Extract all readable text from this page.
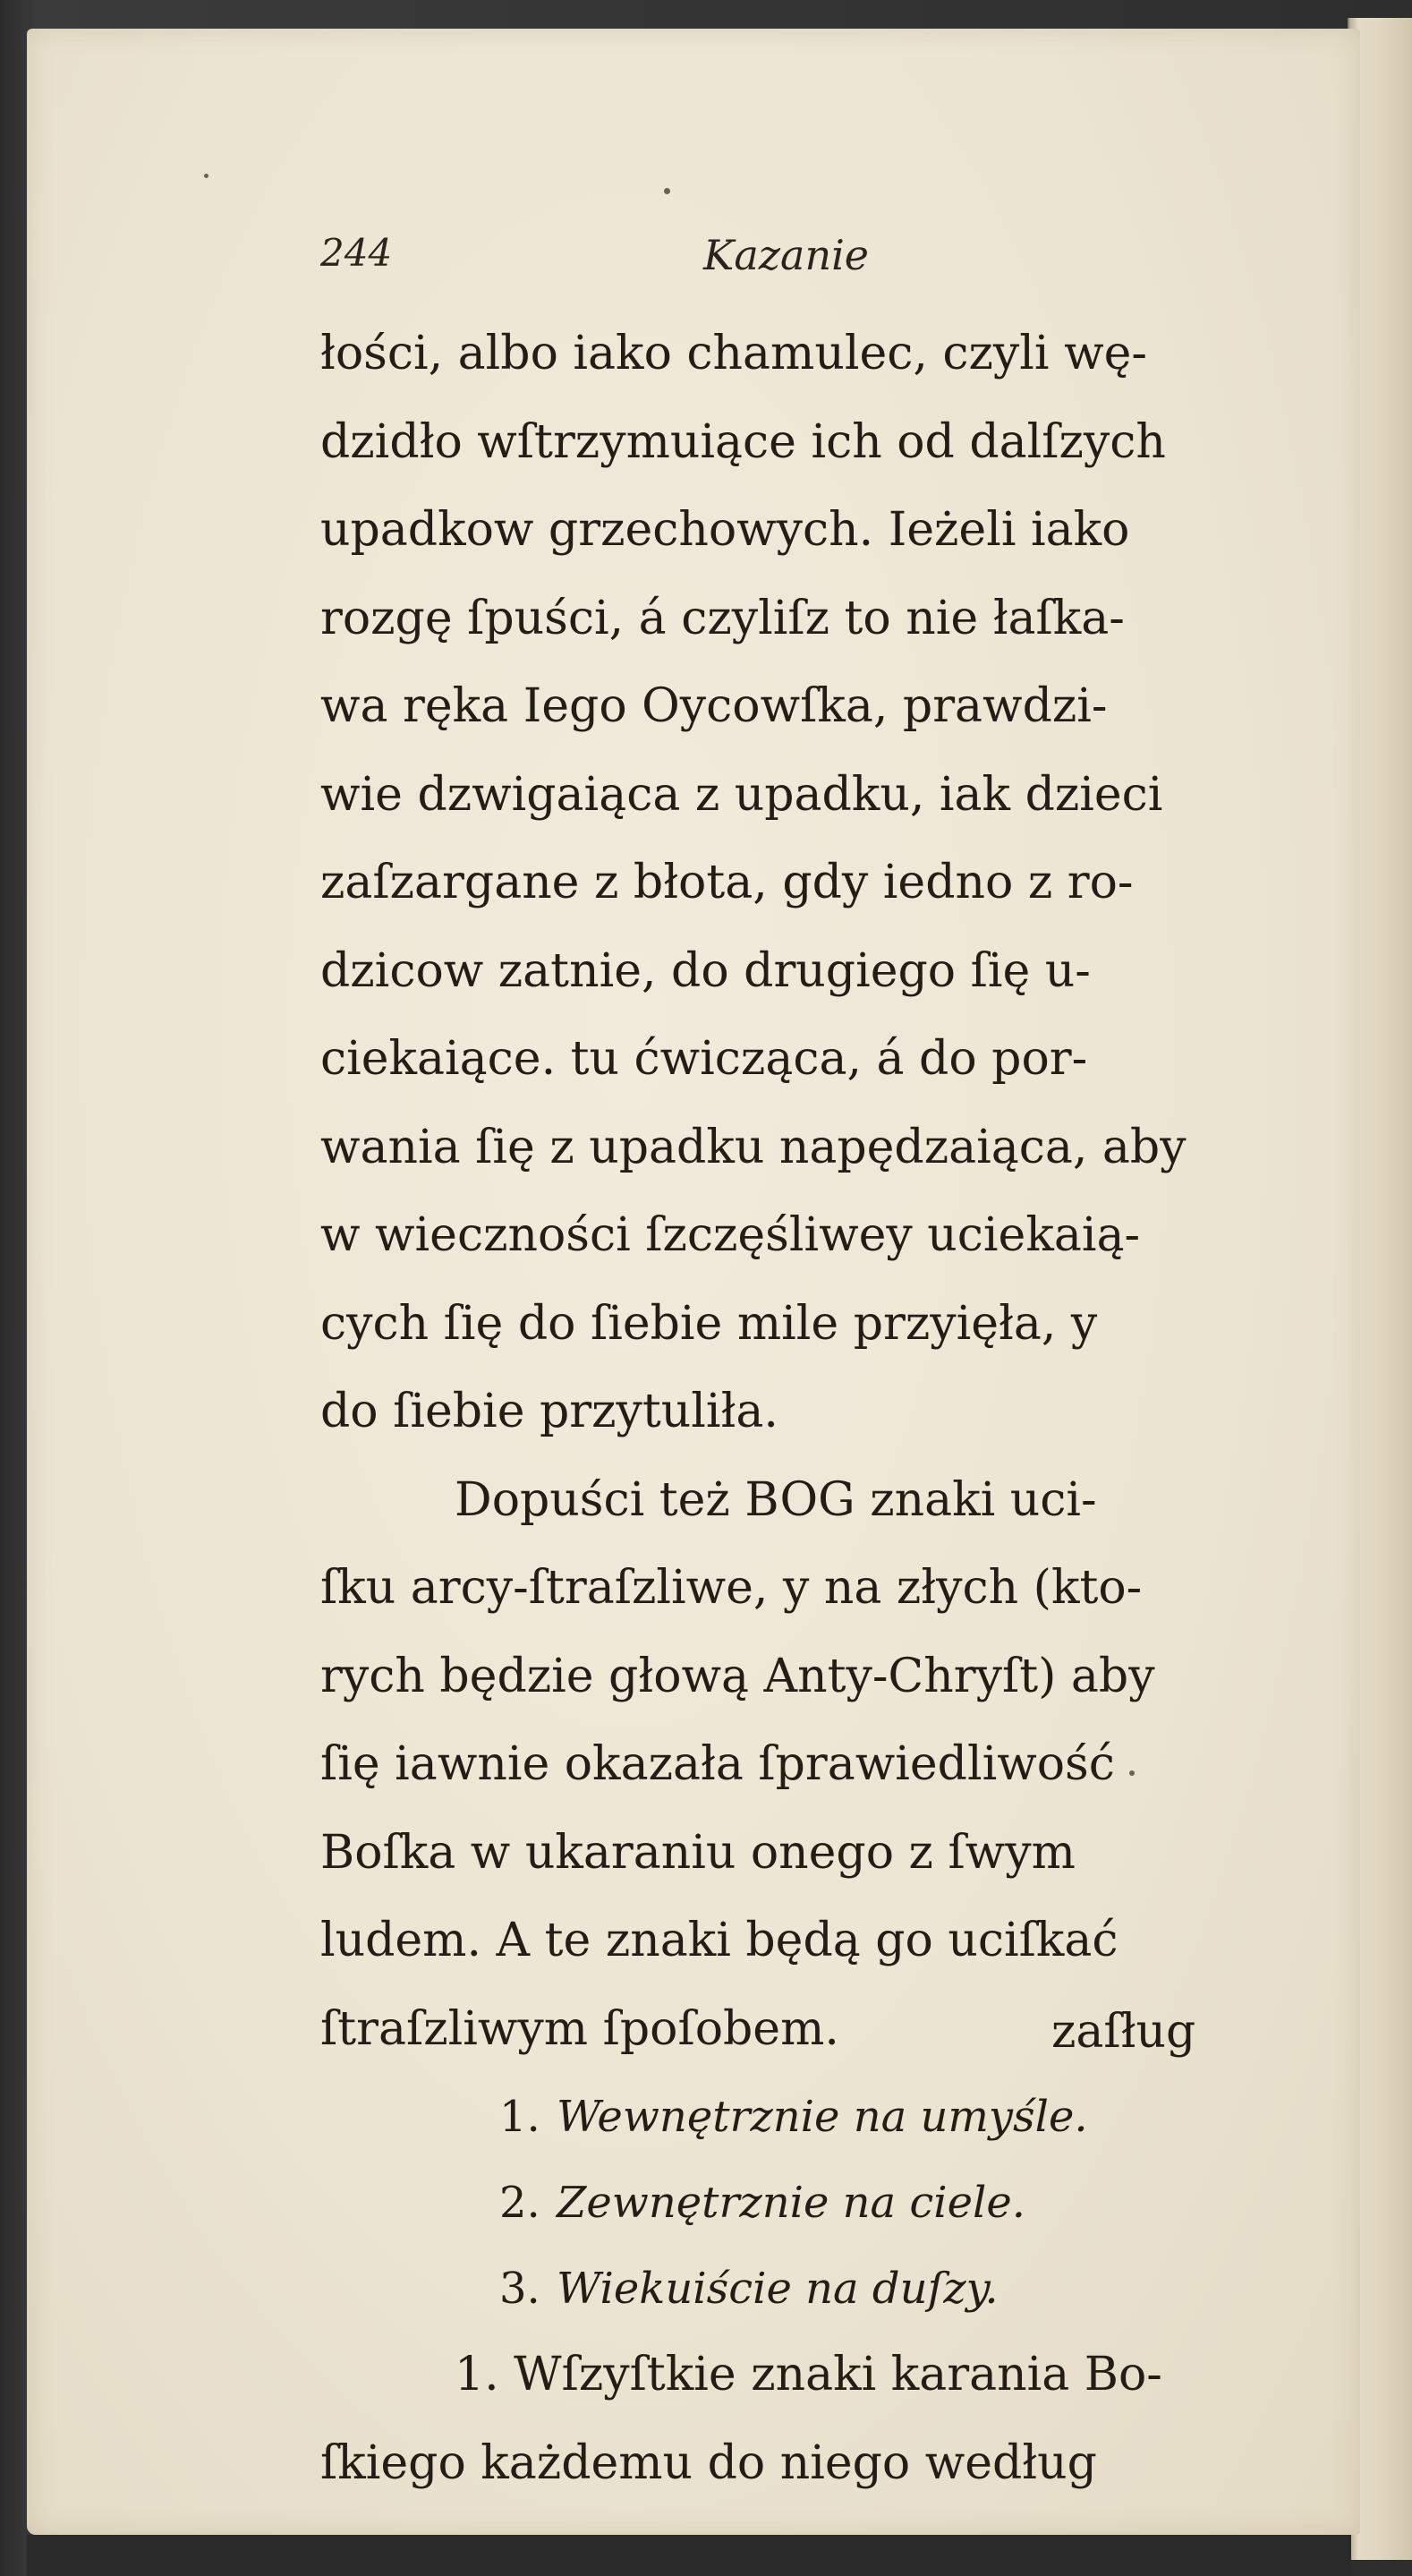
244	Kazanie
łości, albo iako chamulec, czyli wę-
dzidło wſtrzymuiące ich od dalſzych
upadkow grzechowych. Ieżeli iako
rozgę ſpuści, á czyliſz to nie łaſka-
wa ręka Iego Oycowſka, prawdzi-
wie dzwigaiąca z upadku, iak dzieci
zaſzargane z błota, gdy iedno z ro-
dzicow zatnie, do drugiego ſię u-
ciekaiące. tu ćwicząca, á do por-
wania ſię z upadku napędzaiąca, aby
w wieczności ſzczęśliwey uciekaią-
cych ſię do ſiebie mile przyięła, y
do ſiebie przytuliła.
Dopuści też BOG znaki uci-
ſku arcy-ſtraſzliwe, y na złych (kto-
rych będzie głową Anty-Chryſt) aby
ſię iawnie okazała ſprawiedliwość
Boſka w ukaraniu onego z ſwym
ludem. A te znaki będą go uciſkać
ſtraſzliwym ſpoſobem.
1. Wewnętrznie na umyśle.
2. Zewnętrznie na ciele.
3. Wiekuiście na duſzy.
1. Wſzyſtkie znaki karania Bo-
ſkiego każdemu do niego według
zaſług
